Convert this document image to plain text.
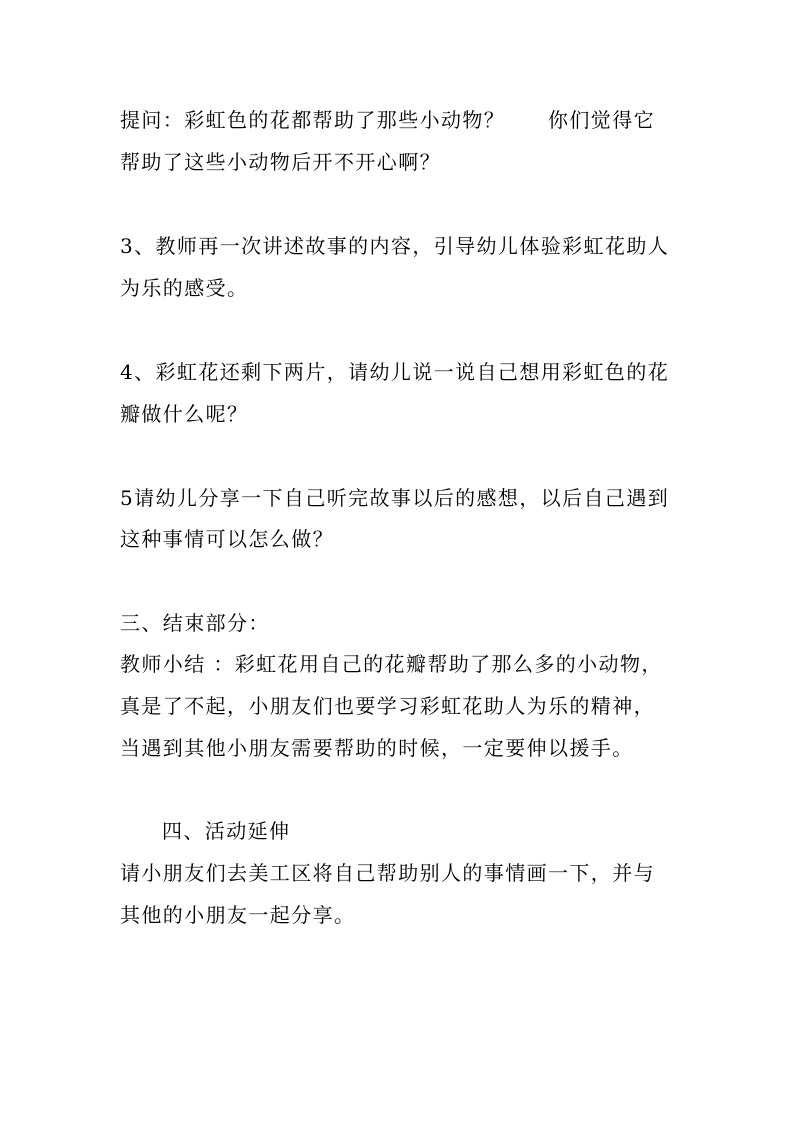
提问：彩虹色的花都帮助了那些小动物？　　你们觉得它
帮助了这些小动物后开不开心啊？
3、教师再一次讲述故事的内容，引导幼儿体验彩虹花助人
为乐的感受。
4、彩虹花还剩下两片，请幼儿说一说自己想用彩虹色的花
瓣做什么呢？
5请幼儿分享一下自己听完故事以后的感想，以后自己遇到
这种事情可以怎么做？
三、结束部分：
教师小结 ：彩虹花用自己的花瓣帮助了那么多的小动物，
真是了不起，小朋友们也要学习彩虹花助人为乐的精神，
当遇到其他小朋友需要帮助的时候，一定要伸以援手。
四、活动延伸
请小朋友们去美工区将自己帮助别人的事情画一下，并与
其他的小朋友一起分享。
